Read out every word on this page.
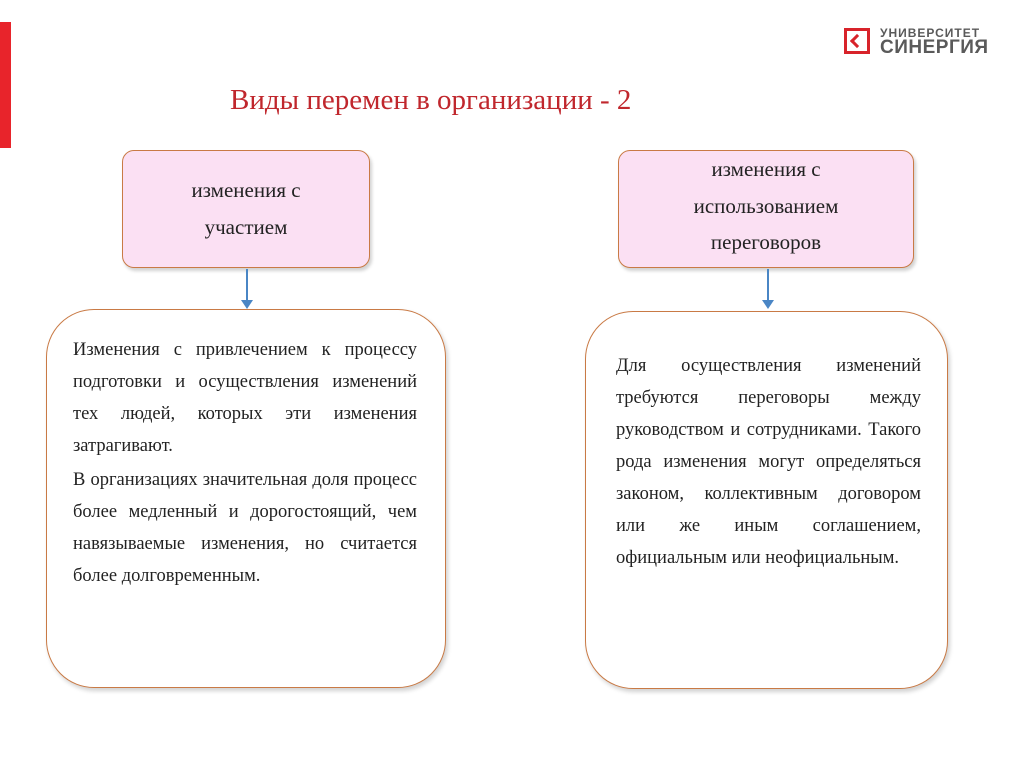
УНИВЕРСИТЕТ
СИНЕРГИЯ
Виды перемен в организации - 2
изменения с участием
изменения с использованием переговоров

Изменения с привлечением к процессу подготовки и осуществления изменений тех людей, которых эти изменения затрагивают.

В организациях значительная доля процесс более медленный и дорогостоящий, чем навязываемые изменения, но считается более долговременным.

Для осуществления изменений требуются переговоры между руководством и сотрудниками. Такого рода изменения могут определяться законом, коллективным договором или же иным соглашением, официальным или неофициальным.
